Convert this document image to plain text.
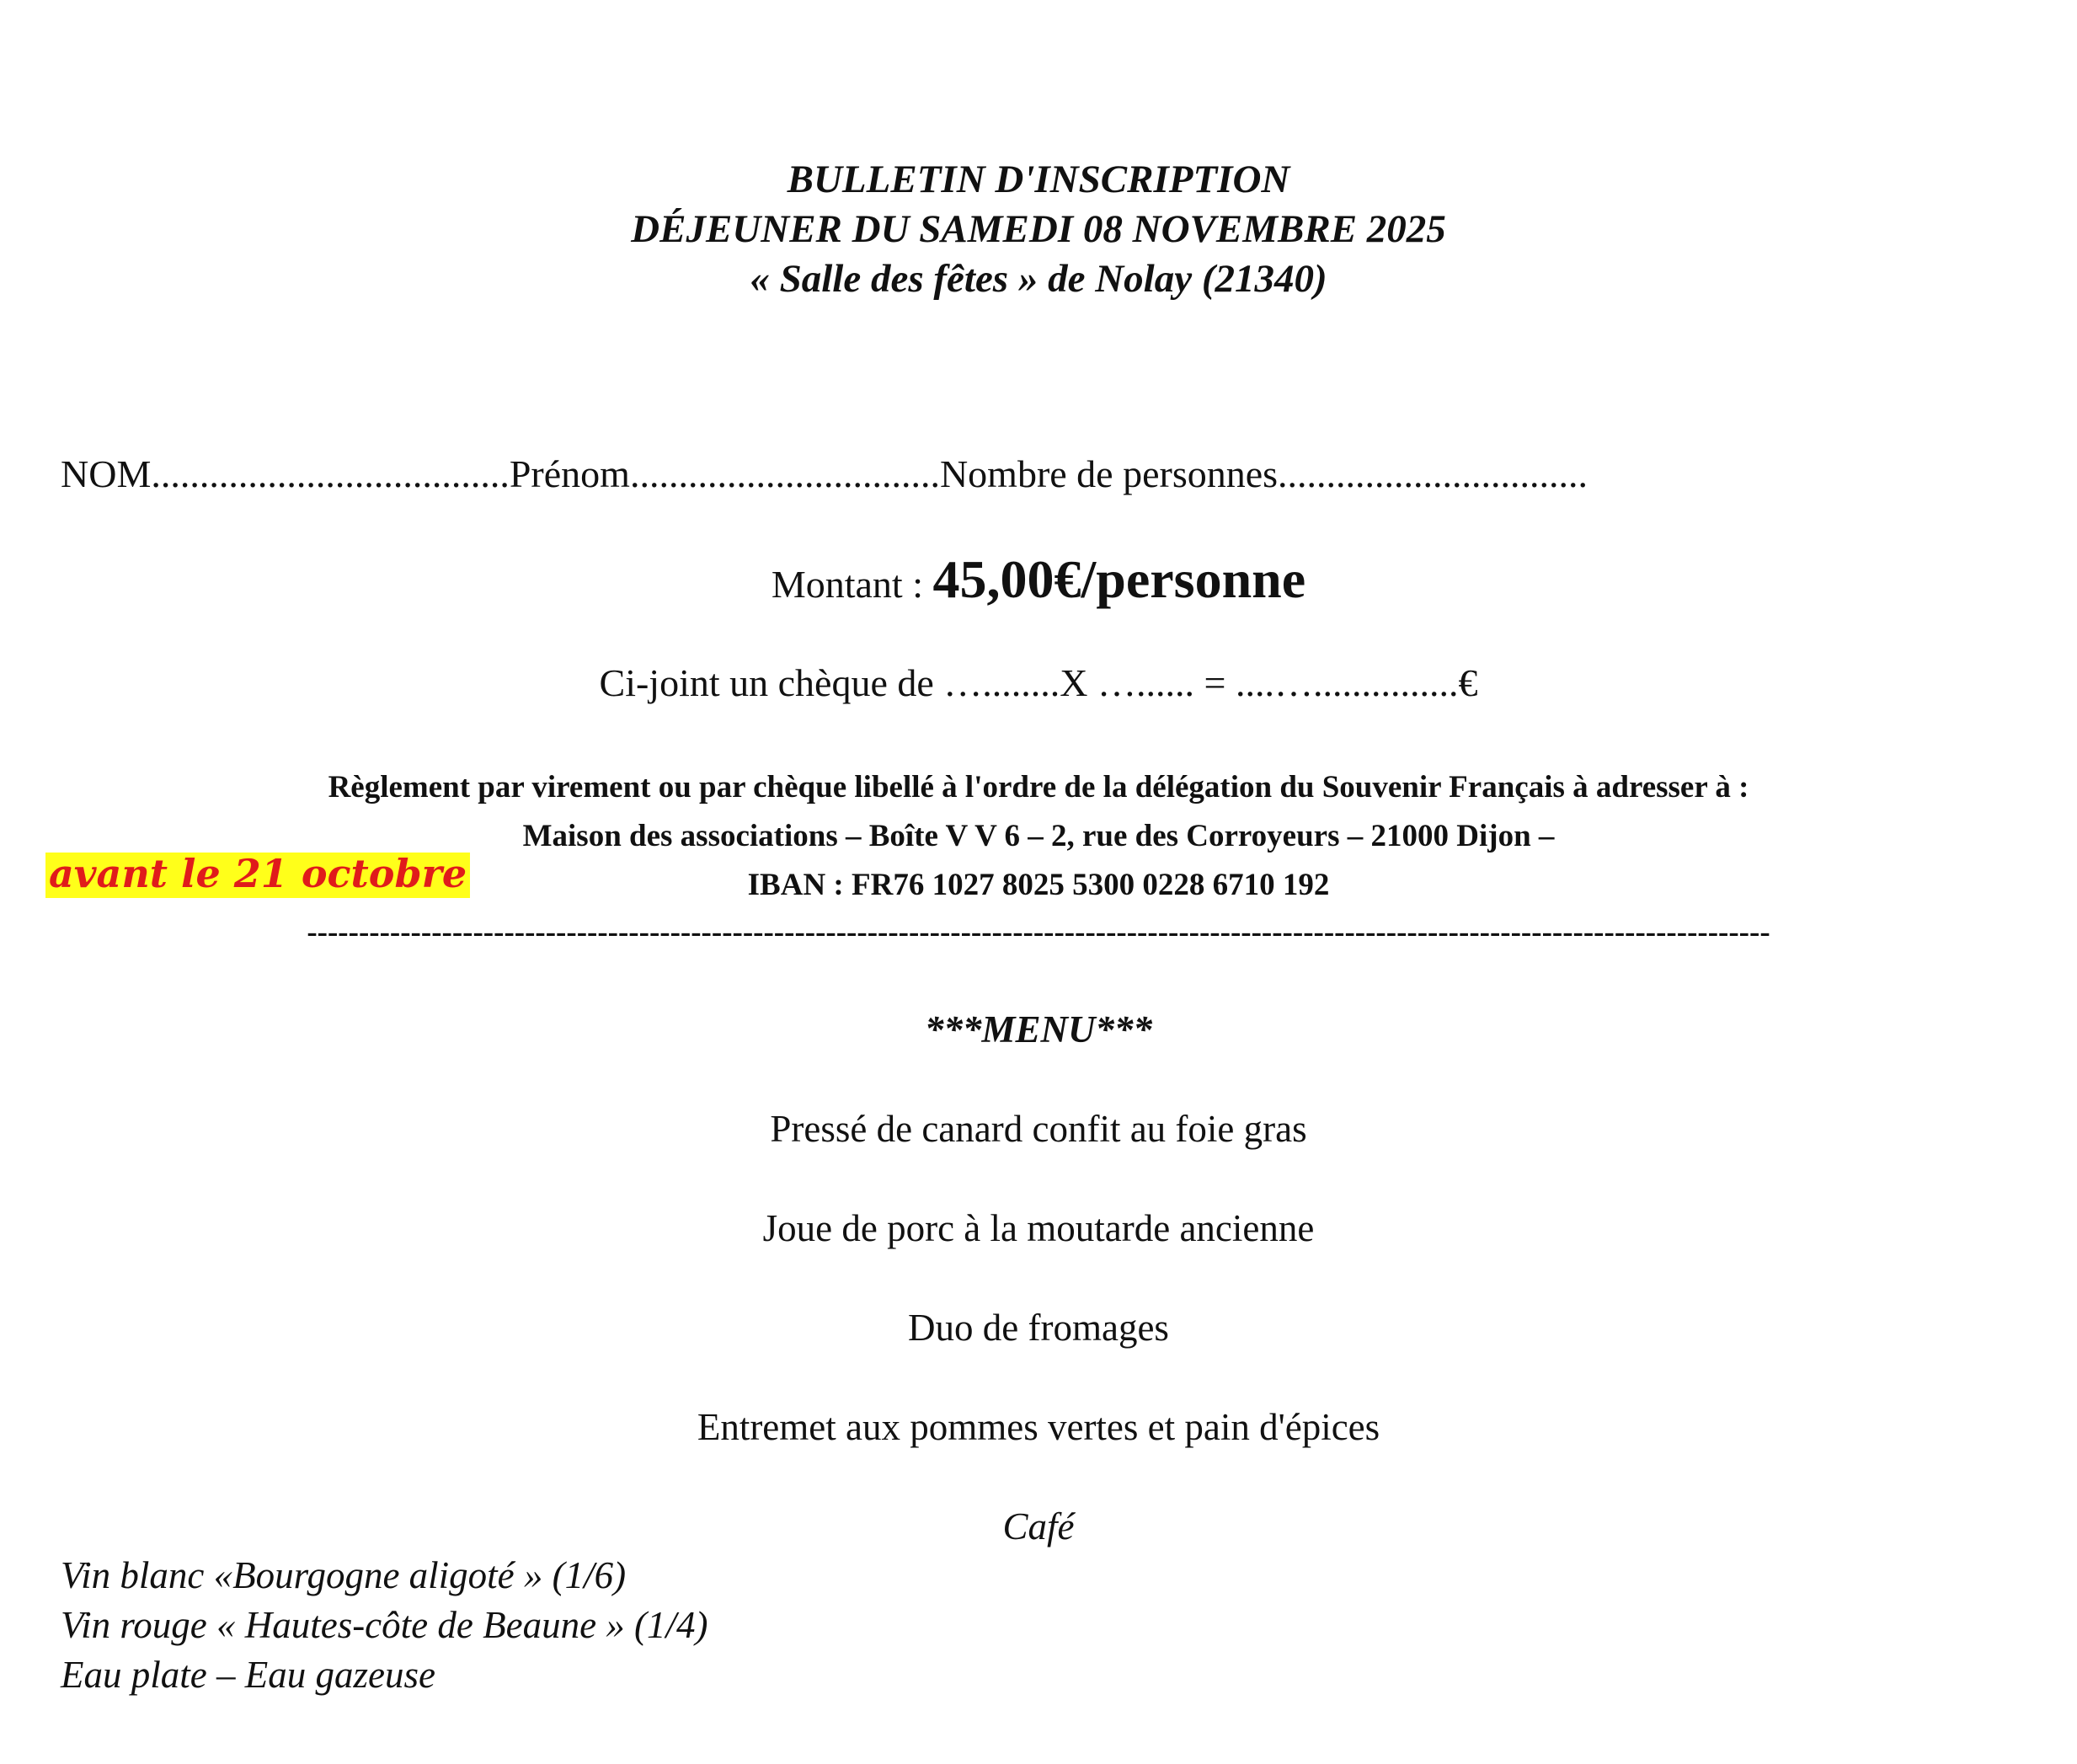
BULLETIN D'INSCRIPTION
DÉJEUNER DU SAMEDI 08 NOVEMBRE 2025
« Salle des fêtes » de Nolay (21340)
NOM.....................................Prénom................................Nombre de personnes................................
Montant : 45,00€/personne
Ci-joint un chèque de …........X …...... = ....…...............€
Règlement par virement ou par chèque libellé à l'ordre de la délégation du Souvenir Français à adresser à :
Maison des associations – Boîte V V 6 – 2, rue des Corroyeurs – 21000 Dijon –
IBAN : FR76 1027 8025 5300 0228 6710 192
avant le 21 octobre
---------------------------------------------------------------------------------------------------------------------------------------------
***MENU***
Pressé de canard confit au foie gras
Joue de porc à la moutarde ancienne
Duo de fromages
Entremet aux pommes vertes et pain d'épices
Café
Vin blanc «Bourgogne aligoté » (1/6)
Vin rouge « Hautes-côte de Beaune » (1/4)
Eau plate – Eau gazeuse
